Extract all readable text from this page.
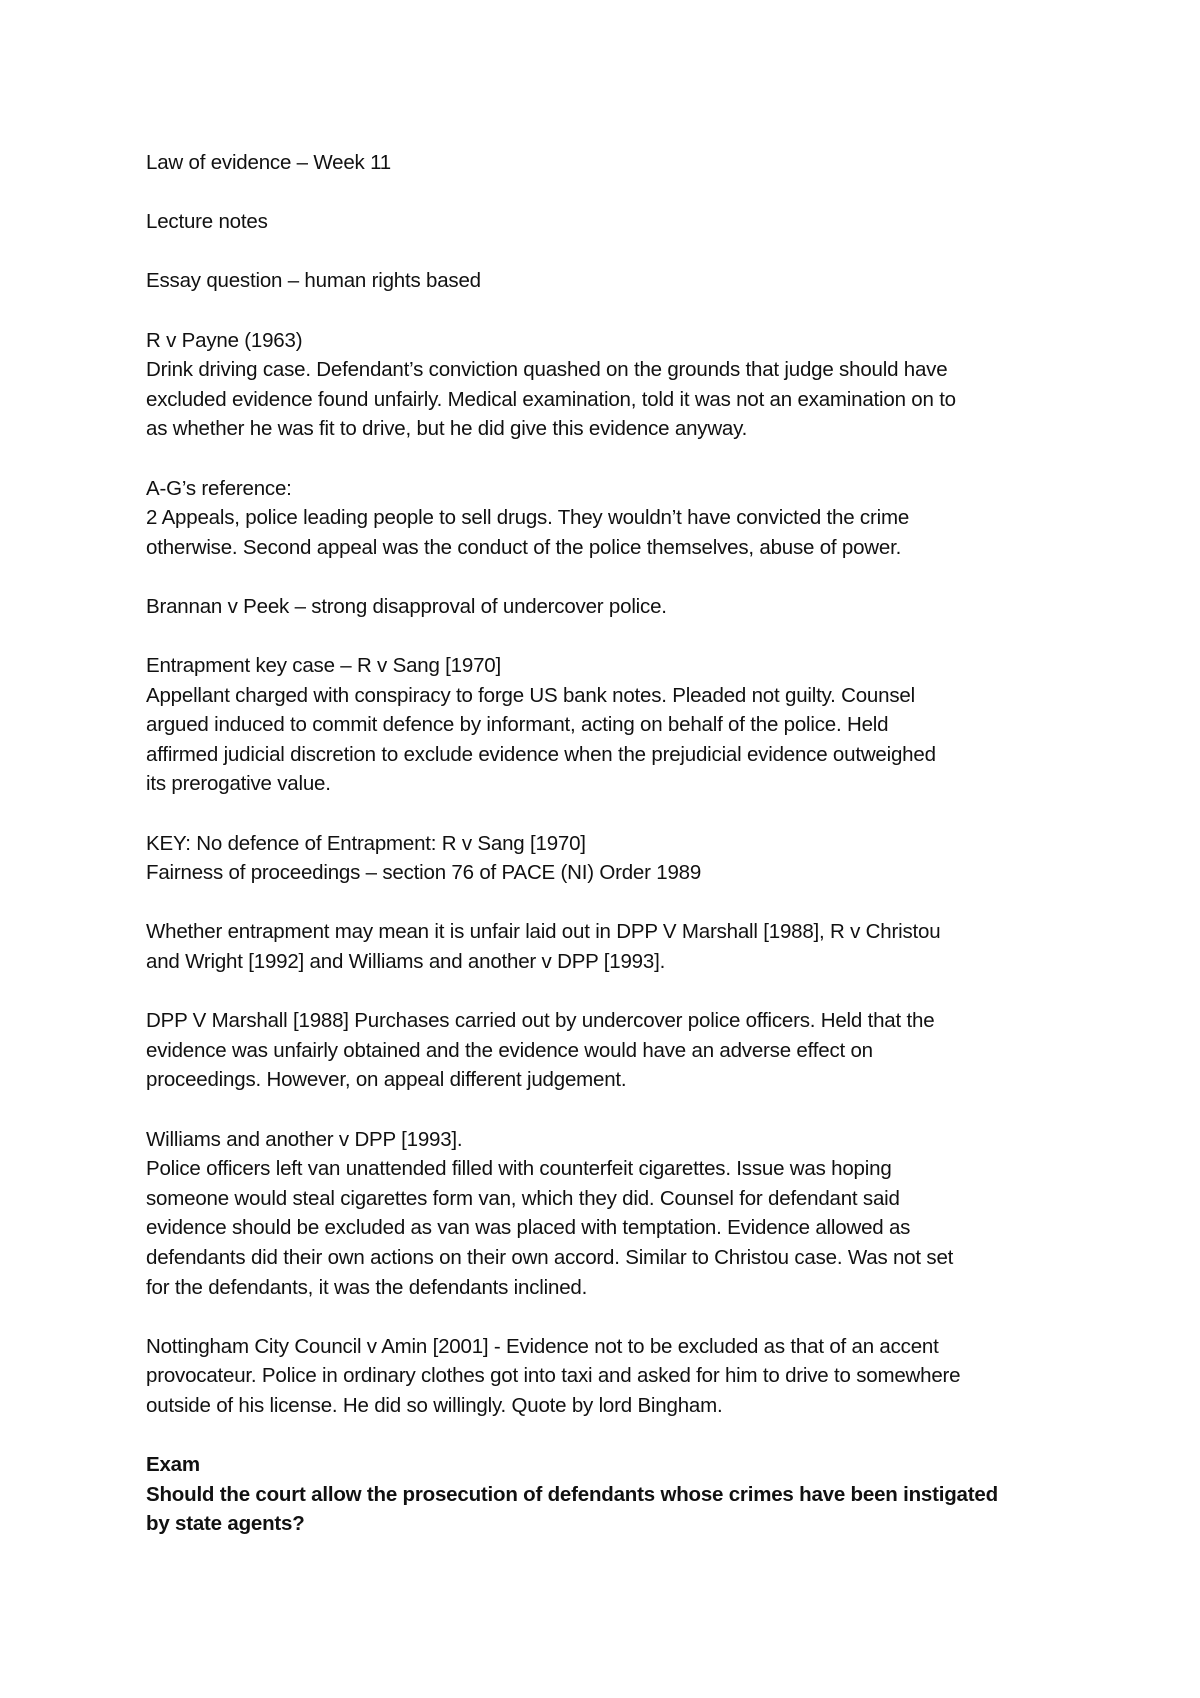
Law of evidence – Week 11

Lecture notes

Essay question – human rights based

R v Payne (1963)
Drink driving case. Defendant’s conviction quashed on the grounds that judge should have
excluded evidence found unfairly. Medical examination, told it was not an examination on to
as whether he was fit to drive, but he did give this evidence anyway.

A-G’s reference:
2 Appeals, police leading people to sell drugs. They wouldn’t have convicted the crime
otherwise. Second appeal was the conduct of the police themselves, abuse of power.

Brannan v Peek – strong disapproval of undercover police.

Entrapment key case – R v Sang [1970]
Appellant charged with conspiracy to forge US bank notes. Pleaded not guilty. Counsel
argued induced to commit defence by informant, acting on behalf of the police. Held
affirmed judicial discretion to exclude evidence when the prejudicial evidence outweighed
its prerogative value.

KEY: No defence of Entrapment: R v Sang [1970]
Fairness of proceedings – section 76 of PACE (NI) Order 1989

Whether entrapment may mean it is unfair laid out in DPP V Marshall [1988], R v Christou
and Wright [1992] and Williams and another v DPP [1993].

DPP V Marshall [1988] Purchases carried out by undercover police officers. Held that the
evidence was unfairly obtained and the evidence would have an adverse effect on
proceedings. However, on appeal different judgement.

Williams and another v DPP [1993].
Police officers left van unattended filled with counterfeit cigarettes. Issue was hoping
someone would steal cigarettes form van, which they did. Counsel for defendant said
evidence should be excluded as van was placed with temptation. Evidence allowed as
defendants did their own actions on their own accord. Similar to Christou case. Was not set
for the defendants, it was the defendants inclined.

Nottingham City Council v Amin [2001] - Evidence not to be excluded as that of an accent
provocateur. Police in ordinary clothes got into taxi and asked for him to drive to somewhere
outside of his license. He did so willingly. Quote by lord Bingham.

Exam
Should the court allow the prosecution of defendants whose crimes have been instigated
by state agents?
